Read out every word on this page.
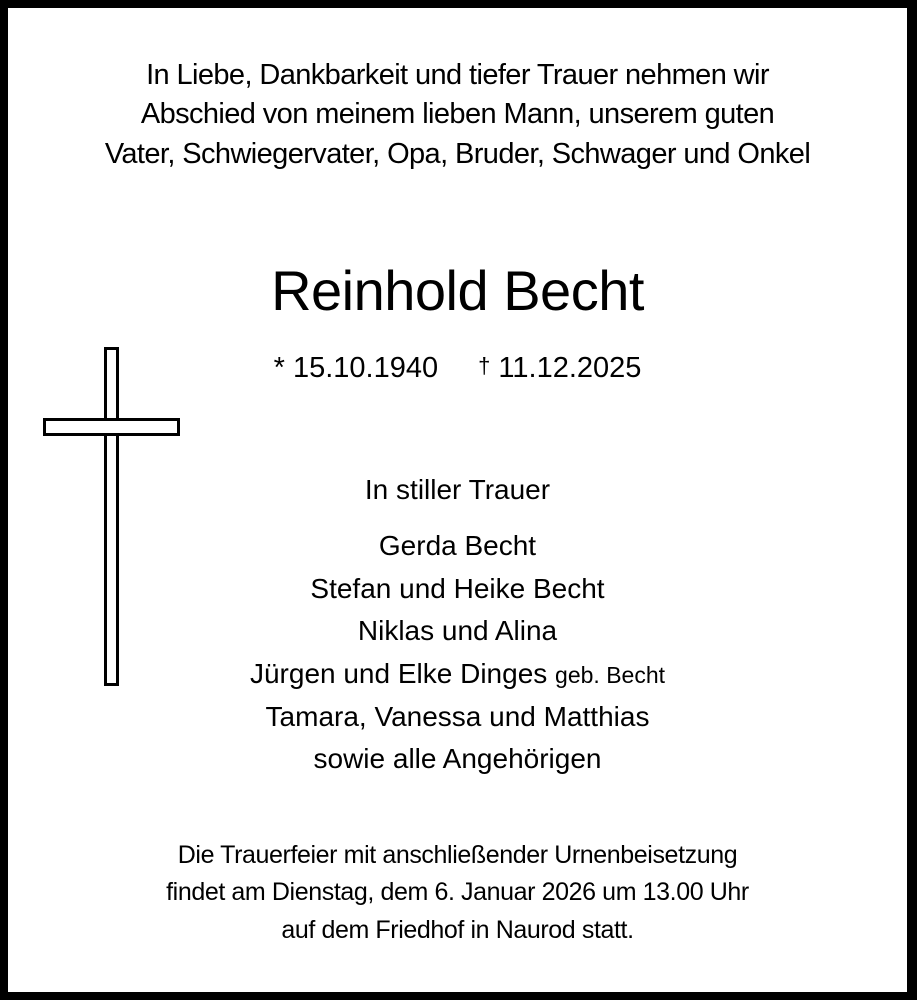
In Liebe, Dankbarkeit und tiefer Trauer nehmen wir
Abschied von meinem lieben Mann, unserem guten
Vater, Schwiegervater, Opa, Bruder, Schwager und Onkel
Reinhold Becht
* 15.10.1940 † 11.12.2025
In stiller Trauer
Gerda Becht
Stefan und Heike Becht
Niklas und Alina
Jürgen und Elke Dinges geb. Becht
Tamara, Vanessa und Matthias
sowie alle Angehörigen
Die Trauerfeier mit anschließender Urnenbeisetzung
findet am Dienstag, dem 6. Januar 2026 um 13.00 Uhr
auf dem Friedhof in Naurod statt.
